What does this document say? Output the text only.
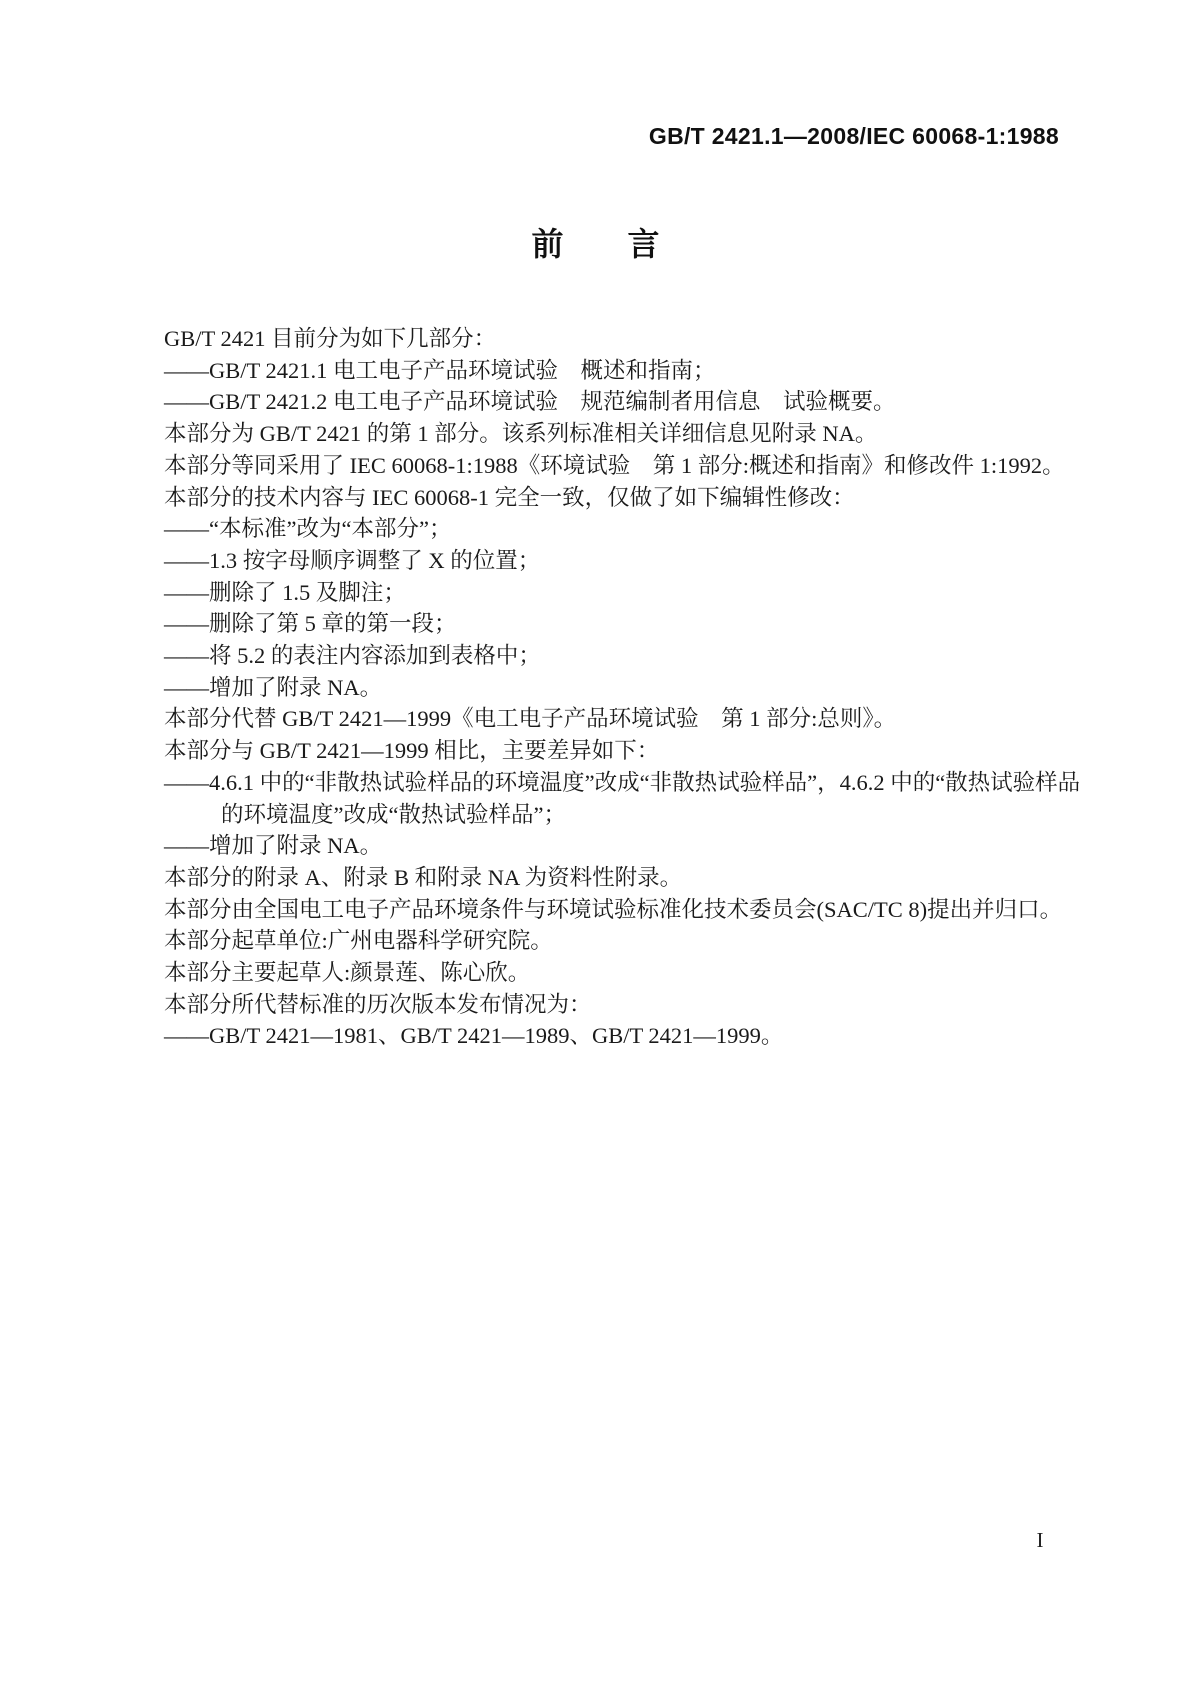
GB/T 2421.1—2008/IEC 60068-1:1988
前　　言

GB/T 2421 目前分为如下几部分：

——GB/T 2421.1 电工电子产品环境试验　概述和指南；

——GB/T 2421.2 电工电子产品环境试验　规范编制者用信息　试验概要。

本部分为 GB/T 2421 的第 1 部分。该系列标准相关详细信息见附录 NA。

本部分等同采用了 IEC 60068-1:1988《环境试验　第 1 部分:概述和指南》和修改件 1:1992。

本部分的技术内容与 IEC 60068-1 完全一致，仅做了如下编辑性修改：

——“本标准”改为“本部分”；

——1.3 按字母顺序调整了 X 的位置；

——删除了 1.5 及脚注；

——删除了第 5 章的第一段；

——将 5.2 的表注内容添加到表格中；

——增加了附录 NA。

本部分代替 GB/T 2421—1999《电工电子产品环境试验　第 1 部分:总则》。

本部分与 GB/T 2421—1999 相比，主要差异如下：

——4.6.1 中的“非散热试验样品的环境温度”改成“非散热试验样品”，4.6.2 中的“散热试验样品

的环境温度”改成“散热试验样品”；

——增加了附录 NA。

本部分的附录 A、附录 B 和附录 NA 为资料性附录。

本部分由全国电工电子产品环境条件与环境试验标准化技术委员会(SAC/TC 8)提出并归口。

本部分起草单位:广州电器科学研究院。

本部分主要起草人:颜景莲、陈心欣。

本部分所代替标准的历次版本发布情况为：

——GB/T 2421—1981、GB/T 2421—1989、GB/T 2421—1999。

I
